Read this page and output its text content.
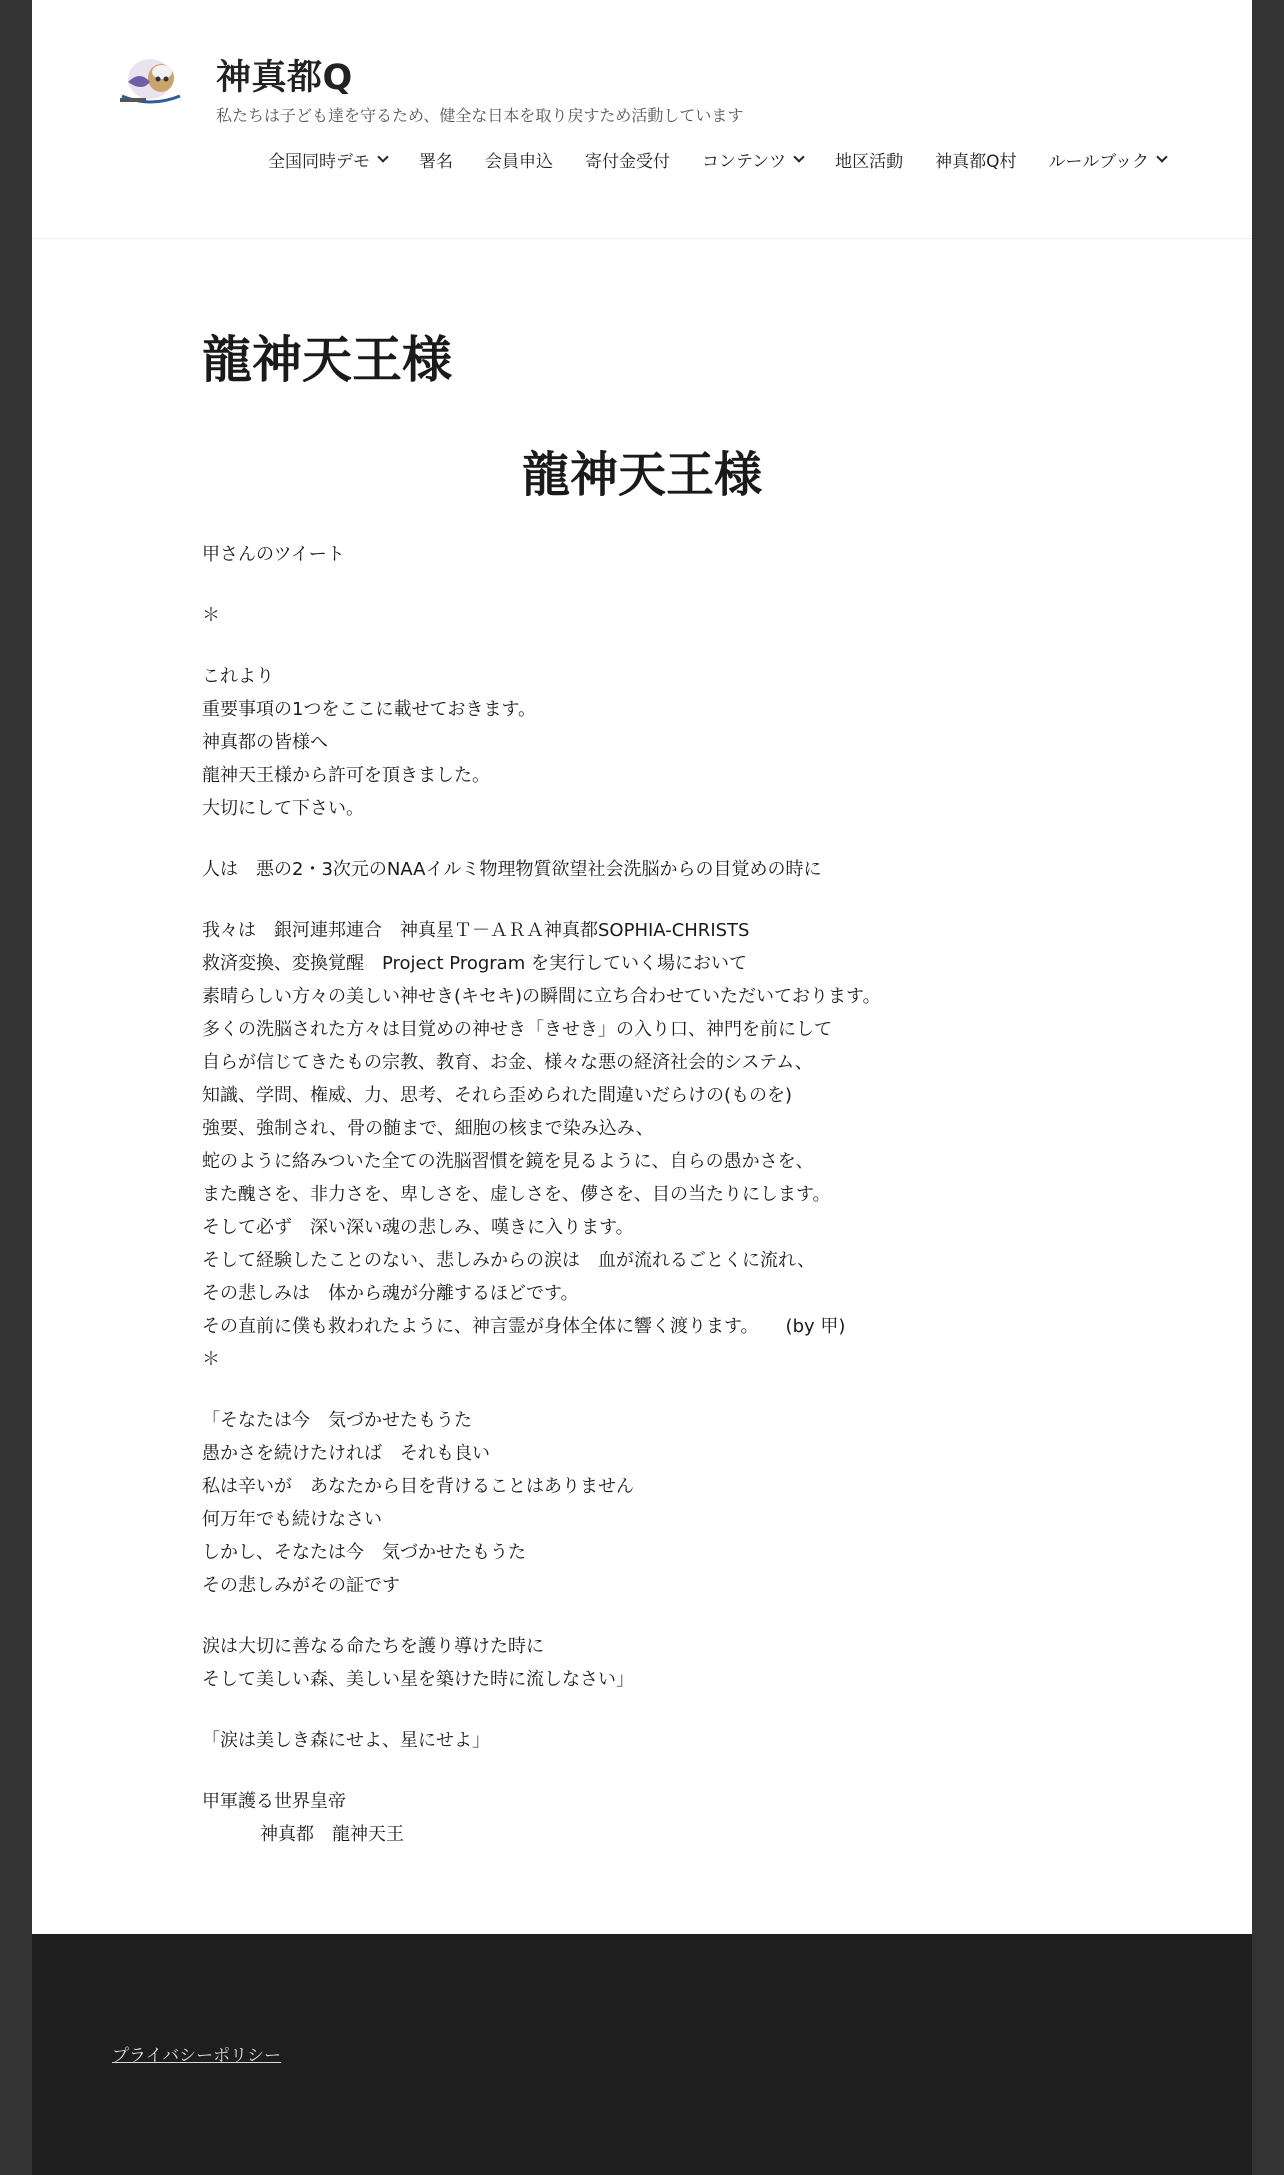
神真都Q
私たちは子ども達を守るため、健全な日本を取り戻すため活動しています
全国同時デモ	署名 会員申込 寄付金受付 コンテンツ	地区活動 神真都Q村 ルールブック
龍神天王様
龍神天王様

甲さんのツイート

＊

これより
重要事項の1つをここに載せておきます。
神真都の皆様へ
龍神天王様から許可を頂きました。
大切にして下さい。

人は　悪の2・3次元のNAAイルミ物理物質欲望社会洗脳からの目覚めの時に

我々は　銀河連邦連合　神真星Ｔ－ＡＲＡ神真都SOPHIA-CHRISTS
救済変換、変換覚醒　Project Program を実行していく場において
素晴らしい方々の美しい神せき(キセキ)の瞬間に立ち合わせていただいております。
多くの洗脳された方々は目覚めの神せき「きせき」の入り口、神門を前にして
自らが信じてきたもの宗教、教育、お金、様々な悪の経済社会的システム、
知識、学問、権威、力、思考、それら歪められた間違いだらけの(ものを)
強要、強制され、骨の髄まで、細胞の核まで染み込み、
蛇のように絡みついた全ての洗脳習慣を鏡を見るように、自らの愚かさを、
また醜さを、非力さを、卑しさを、虚しさを、儚さを、目の当たりにします。
そして必ず　深い深い魂の悲しみ、嘆きに入ります。
そして経験したことのない、悲しみからの涙は　血が流れるごとくに流れ、
その悲しみは　体から魂が分離するほどです。
その直前に僕も救われたように、神言霊が身体全体に響く渡ります。　　(by 甲)
＊

「そなたは今　気づかせたもうた
愚かさを続けたければ　それも良い
私は辛いが　あなたから目を背けることはありません
何万年でも続けなさい
しかし、そなたは今　気づかせたもうた
その悲しみがその証です

涙は大切に善なる命たちを護り導けた時に
そして美しい森、美しい星を築けた時に流しなさい」

「涙は美しき森にせよ、星にせよ」

甲軍護る世界皇帝
神真都　龍神天王

プライバシーポリシー
